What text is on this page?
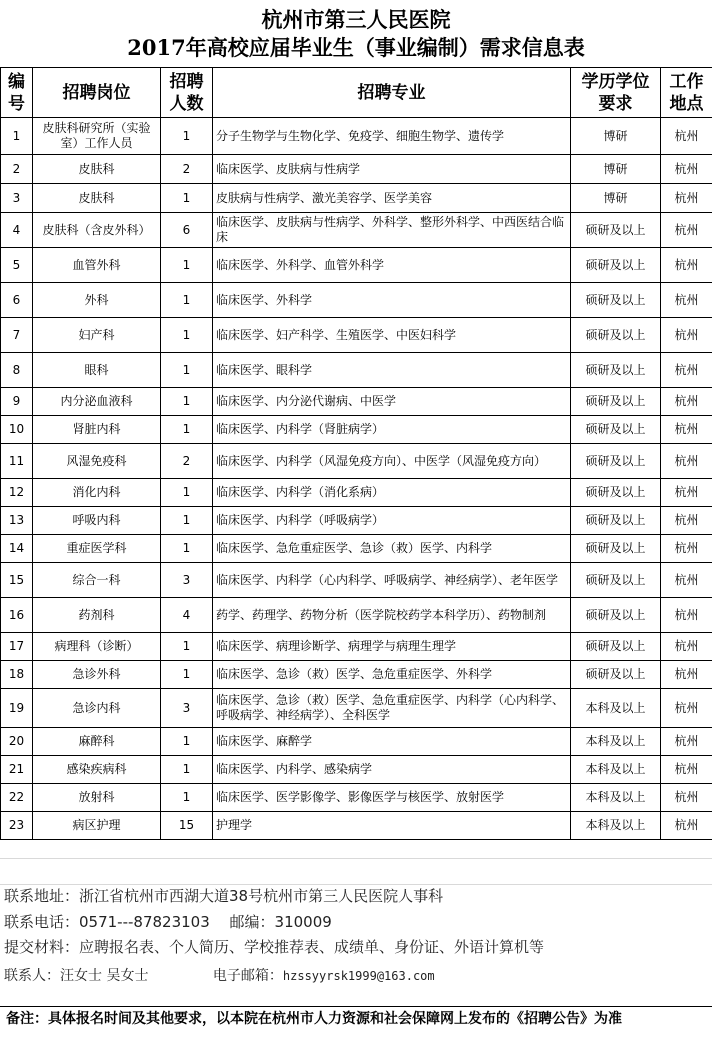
杭州市第三人民医院
2017年高校应届毕业生（事业编制）需求信息表
编号	招聘岗位	招聘人数	招聘专业	学历学位要求	工作地点
1	皮肤科研究所（实验室）工作人员	1	分子生物学与生物化学、免疫学、细胞生物学、遗传学	博研	杭州
2	皮肤科	2	临床医学、皮肤病与性病学	博研	杭州
3	皮肤科	1	皮肤病与性病学、激光美容学、医学美容	博研	杭州
4	皮肤科（含皮外科）	6	临床医学、皮肤病与性病学、外科学、整形外科学、中西医结合临床	硕研及以上	杭州
5	血管外科	1	临床医学、外科学、血管外科学	硕研及以上	杭州
6	外科	1	临床医学、外科学	硕研及以上	杭州
7	妇产科	1	临床医学、妇产科学、生殖医学、中医妇科学	硕研及以上	杭州
8	眼科	1	临床医学、眼科学	硕研及以上	杭州
9	内分泌血液科	1	临床医学、内分泌代谢病、中医学	硕研及以上	杭州
10	肾脏内科	1	临床医学、内科学（肾脏病学）	硕研及以上	杭州
11	风湿免疫科	2	临床医学、内科学（风湿免疫方向）、中医学（风湿免疫方向）	硕研及以上	杭州
12	消化内科	1	临床医学、内科学（消化系病）	硕研及以上	杭州
13	呼吸内科	1	临床医学、内科学（呼吸病学）	硕研及以上	杭州
14	重症医学科	1	临床医学、急危重症医学、急诊（救）医学、内科学	硕研及以上	杭州
15	综合一科	3	临床医学、内科学（心内科学、呼吸病学、神经病学）、老年医学	硕研及以上	杭州
16	药剂科	4	药学、药理学、药物分析（医学院校药学本科学历）、药物制剂	硕研及以上	杭州
17	病理科（诊断）	1	临床医学、病理诊断学、病理学与病理生理学	硕研及以上	杭州
18	急诊外科	1	临床医学、急诊（救）医学、急危重症医学、外科学	硕研及以上	杭州
19	急诊内科	3	临床医学、急诊（救）医学、急危重症医学、内科学（心内科学、呼吸病学、神经病学）、全科医学	本科及以上	杭州
20	麻醉科	1	临床医学、麻醉学	本科及以上	杭州
21	感染疾病科	1	临床医学、内科学、感染病学	本科及以上	杭州
22	放射科	1	临床医学、医学影像学、影像医学与核医学、放射医学	本科及以上	杭州
23	病区护理	15	护理学	本科及以上	杭州
联系地址：浙江省杭州市西湖大道38号杭州市第三人民医院人事科
联系电话：0571---87823103　 邮编：310009
提交材料：应聘报名表、个人简历、学校推荐表、成绩单、身份证、外语计算机等
联系人：汪女士 吴女士	电子邮箱：hzssyyrsk1999@163.com
备注：具体报名时间及其他要求，以本院在杭州市人力资源和社会保障网上发布的《招聘公告》为准
